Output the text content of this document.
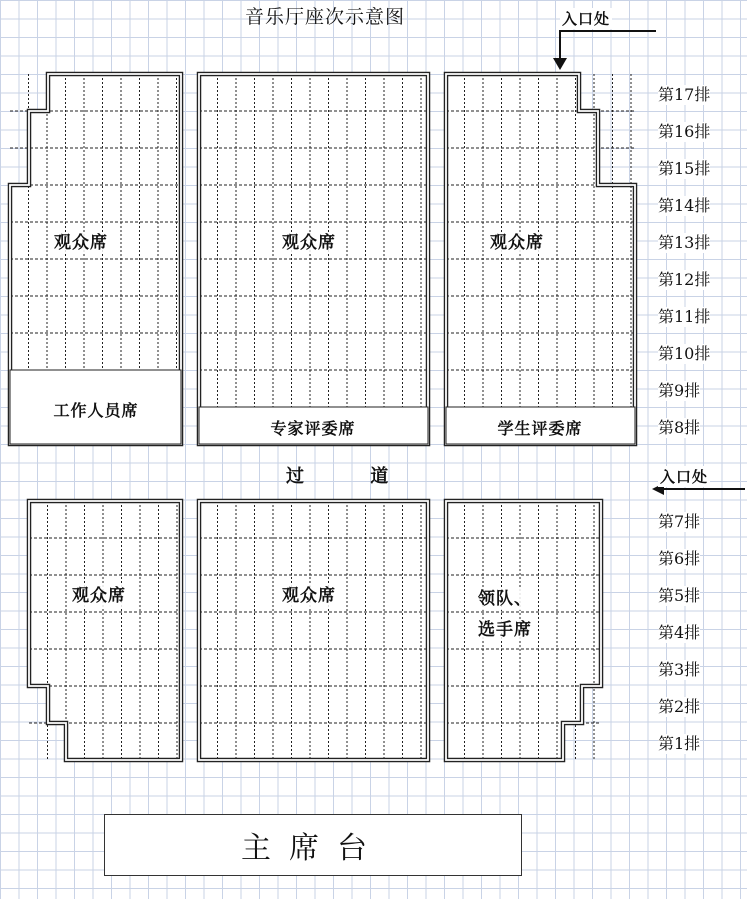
音乐厅座次示意图	入口处
入口处
观众席	观众席	观众席
工作人员席
专家评委席	学生评委席
过 道
观众席	观众席	领队、
选手席
第17排
第16排
第15排
第14排
第13排
第12排
第11排
第10排
第9排
第8排
第7排
第6排
第5排
第4排
第3排
第2排
第1排
主席台
